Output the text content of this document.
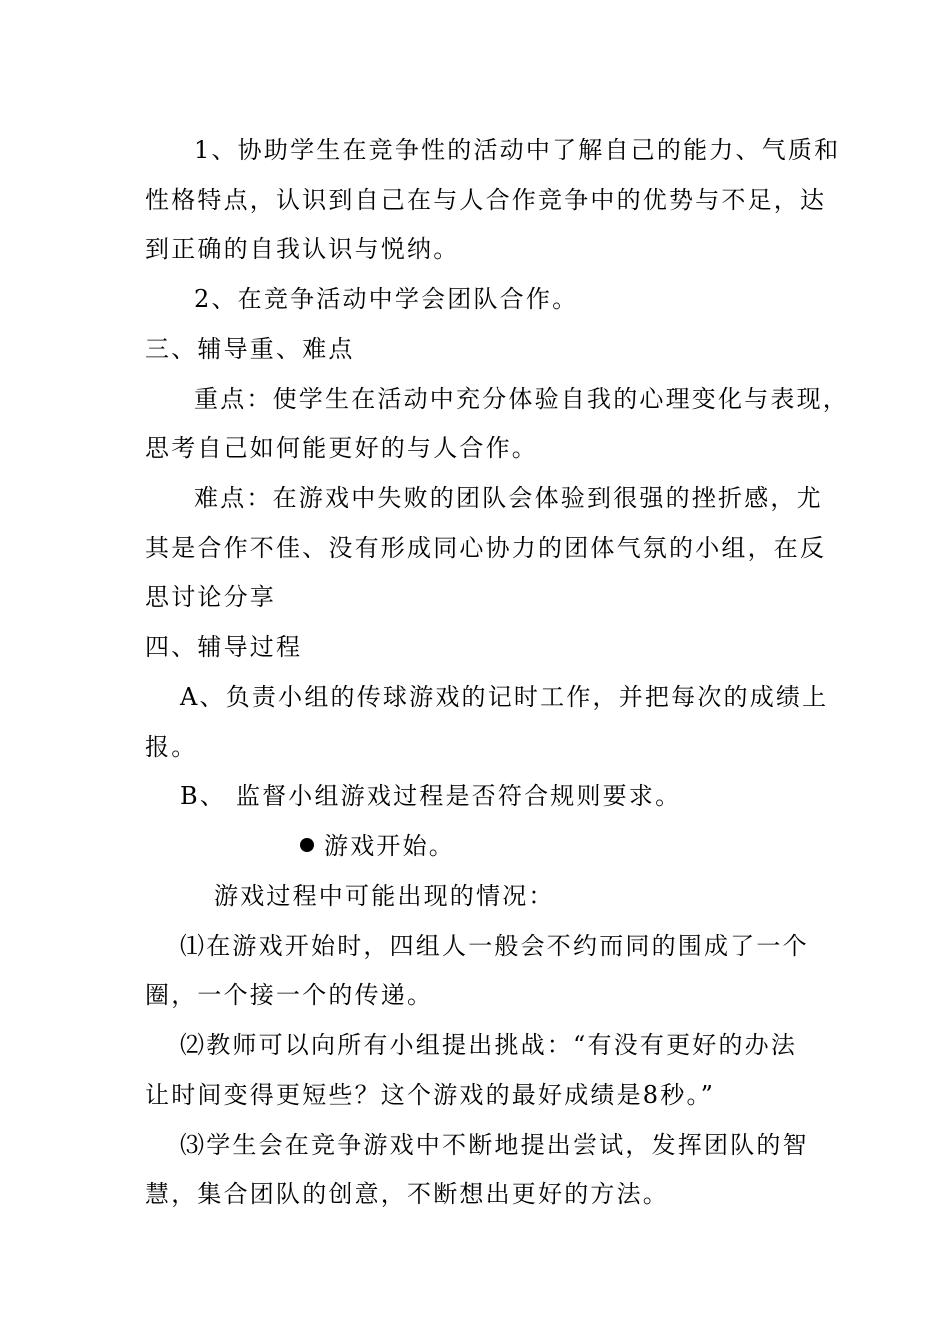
1、协助学生在竞争性的活动中了解自己的能力、气质和
性格特点，认识到自己在与人合作竞争中的优势与不足，达
到正确的自我认识与悦纳。
2、在竞争活动中学会团队合作。
三、辅导重、难点
重点：使学生在活动中充分体验自我的心理变化与表现，
思考自己如何能更好的与人合作。
难点：在游戏中失败的团队会体验到很强的挫折感，尤
其是合作不佳、没有形成同心协力的团体气氛的小组，在反
思讨论分享
四、辅导过程
A、负责小组的传球游戏的记时工作，并把每次的成绩上
报。
B、 监督小组游戏过程是否符合规则要求。
游戏开始。
游戏过程中可能出现的情况：
⑴在游戏开始时，四组人一般会不约而同的围成了一个
圈，一个接一个的传递。
⑵教师可以向所有小组提出挑战：“有没有更好的办法
让时间变得更短些？这个游戏的最好成绩是8秒。”
⑶学生会在竞争游戏中不断地提出尝试，发挥团队的智
慧，集合团队的创意，不断想出更好的方法。
